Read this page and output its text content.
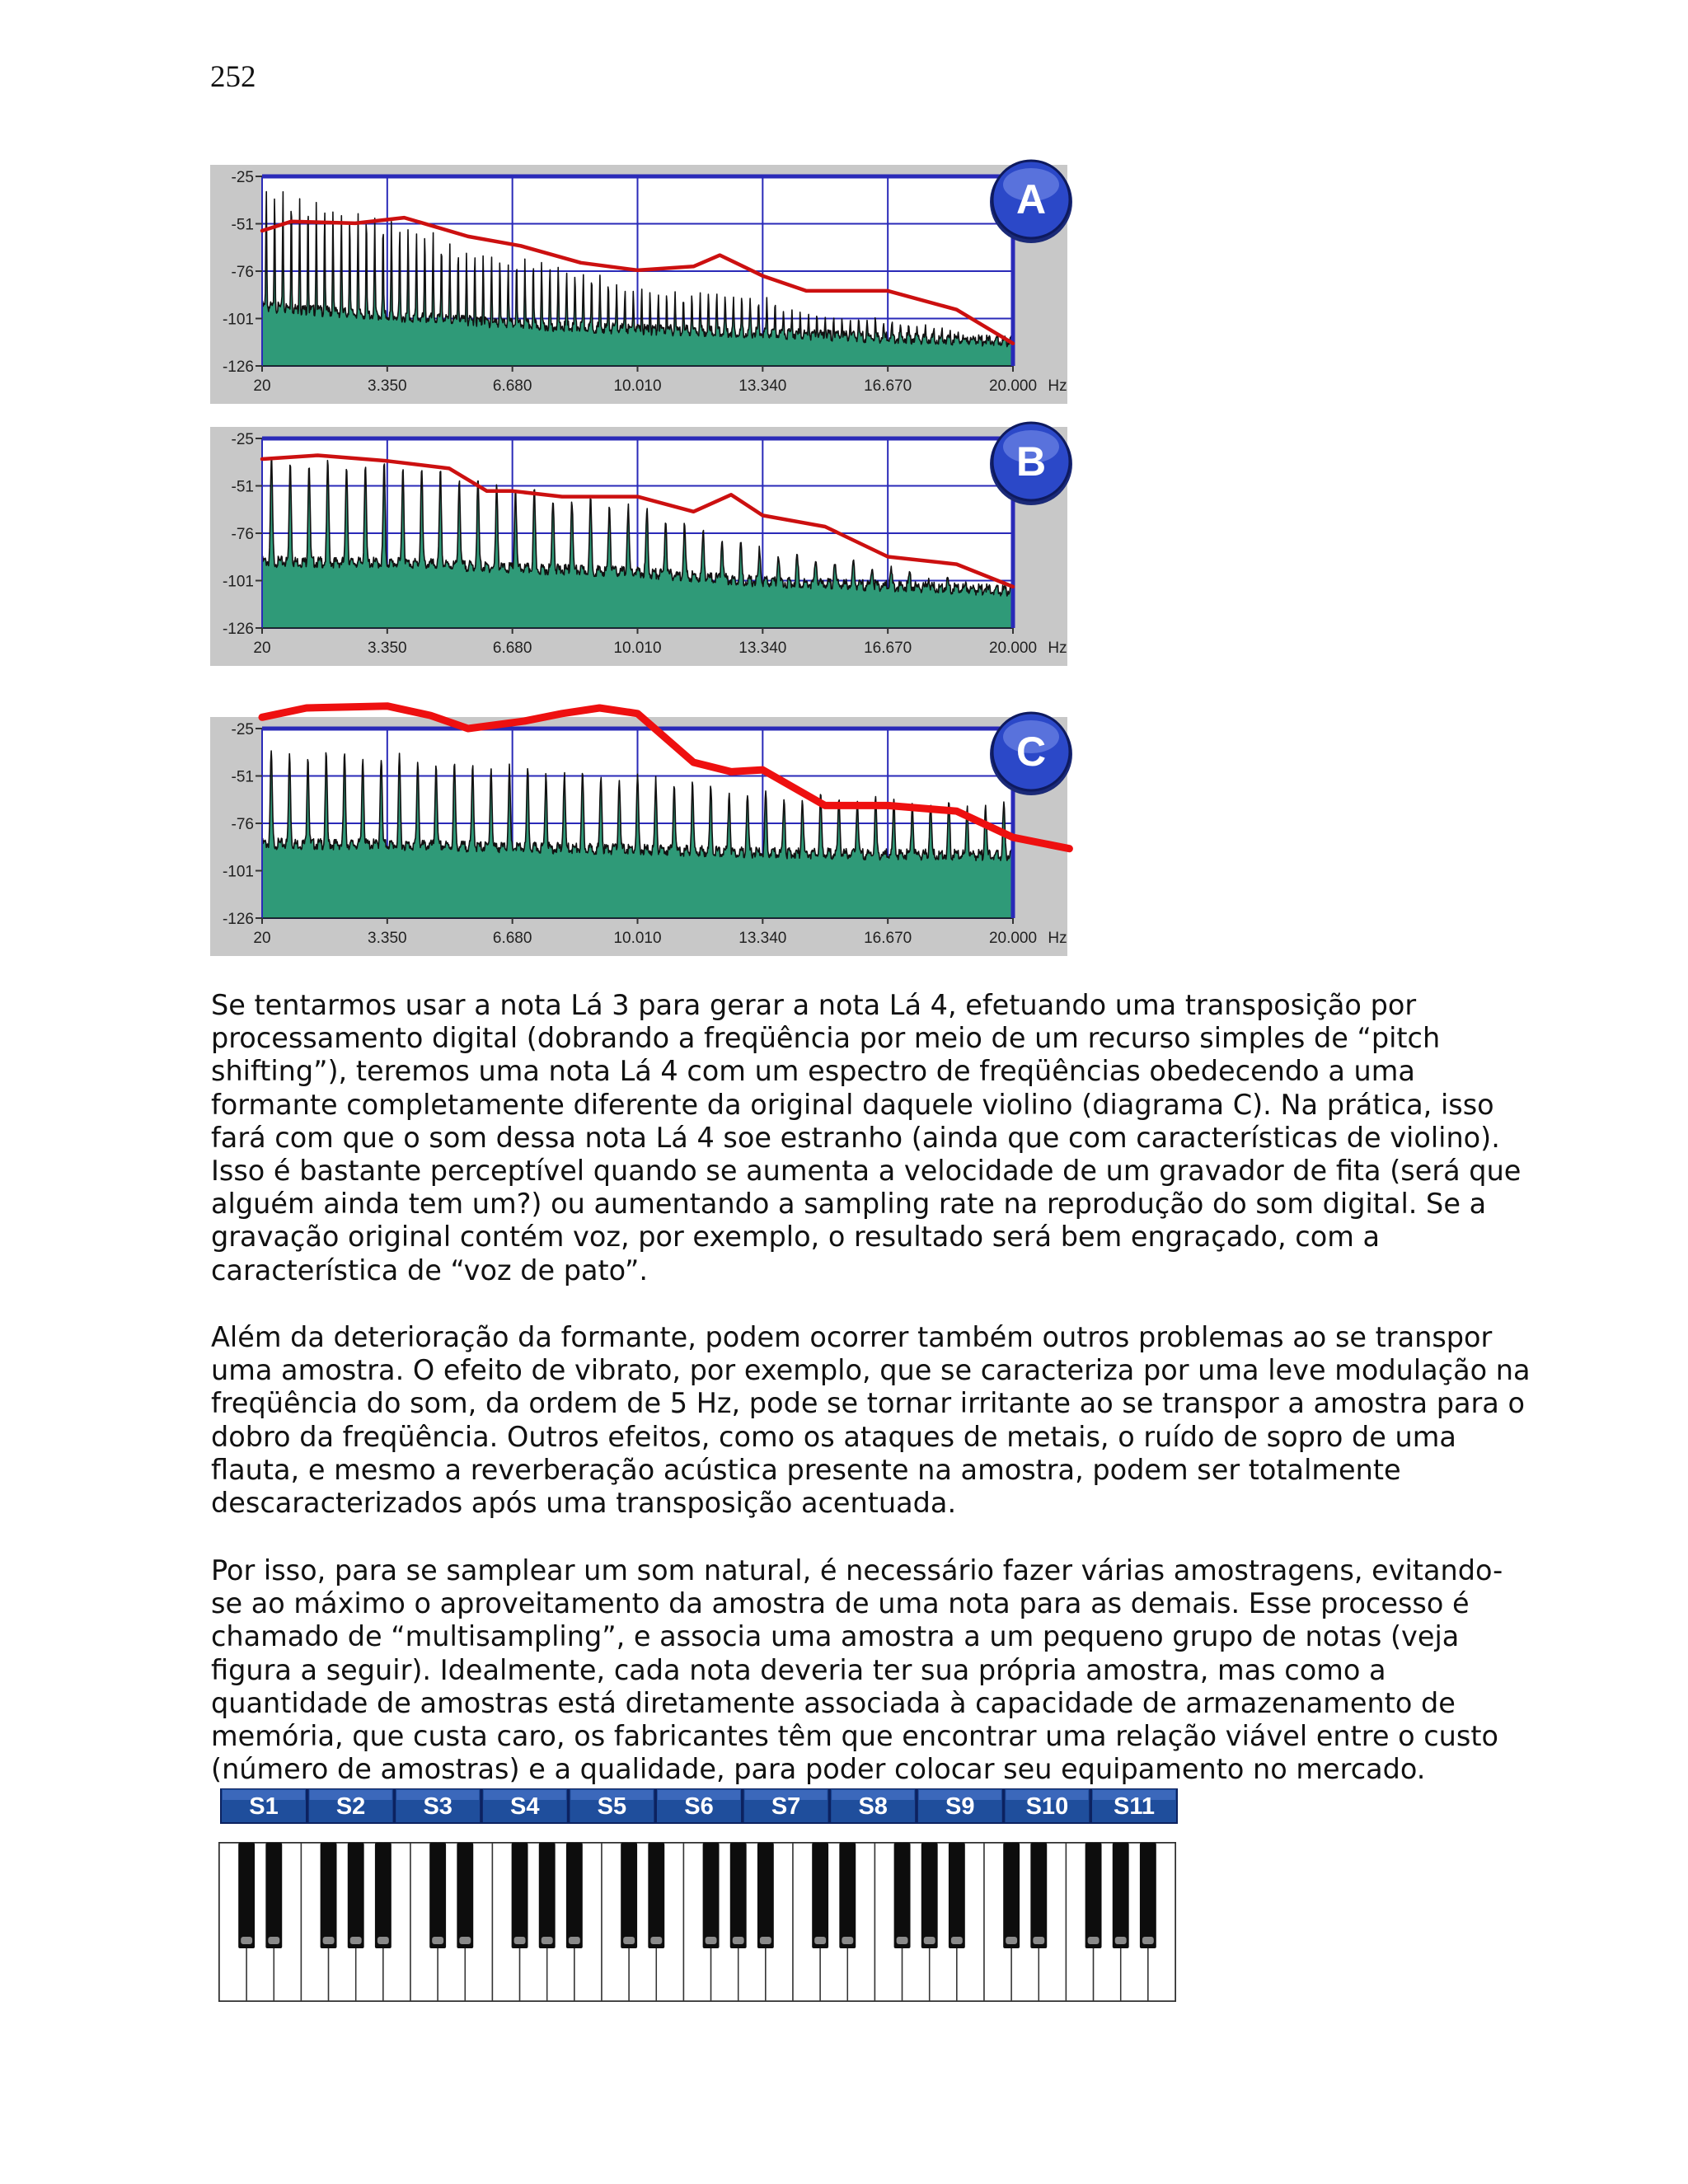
252
-25
-51
-76
-101
-126
20	3.350	6.680	10.010	13.340	16.670	20.000 Hz
A
-25
-51
-76
-101
-126
20	3.350	6.680	10.010	13.340	16.670	20.000 Hz
B
-25
-51
-76
-101
-126
20	3.350	6.680	10.010	13.340	16.670	20.000 Hz
C

Se tentarmos usar a nota Lá 3 para gerar a nota Lá 4, efetuando uma transposição por
processamento digital (dobrando a freqüência por meio de um recurso simples de “pitch
shifting”), teremos uma nota Lá 4 com um espectro de freqüências obedecendo a uma
formante completamente diferente da original daquele violino (diagrama C). Na prática, isso
fará com que o som dessa nota Lá 4 soe estranho (ainda que com características de violino).
Isso é bastante perceptível quando se aumenta a velocidade de um gravador de fita (será que
alguém ainda tem um?) ou aumentando a sampling rate na reprodução do som digital. Se a
gravação original contém voz, por exemplo, o resultado será bem engraçado, com a
característica de “voz de pato”.

Além da deterioração da formante, podem ocorrer também outros problemas ao se transpor
uma amostra. O efeito de vibrato, por exemplo, que se caracteriza por uma leve modulação na
freqüência do som, da ordem de 5 Hz, pode se tornar irritante ao se transpor a amostra para o
dobro da freqüência. Outros efeitos, como os ataques de metais, o ruído de sopro de uma
flauta, e mesmo a reverberação acústica presente na amostra, podem ser totalmente
descaracterizados após uma transposição acentuada.

Por isso, para se samplear um som natural, é necessário fazer várias amostragens, evitando-
se ao máximo o aproveitamento da amostra de uma nota para as demais. Esse processo é
chamado de “multisampling”, e associa uma amostra a um pequeno grupo de notas (veja
figura a seguir). Idealmente, cada nota deveria ter sua própria amostra, mas como a
quantidade de amostras está diretamente associada à capacidade de armazenamento de
memória, que custa caro, os fabricantes têm que encontrar uma relação viável entre o custo
(número de amostras) e a qualidade, para poder colocar seu equipamento no mercado.

S1 S2 S3 S4 S5 S6 S7 S8 S9 S10 S11
